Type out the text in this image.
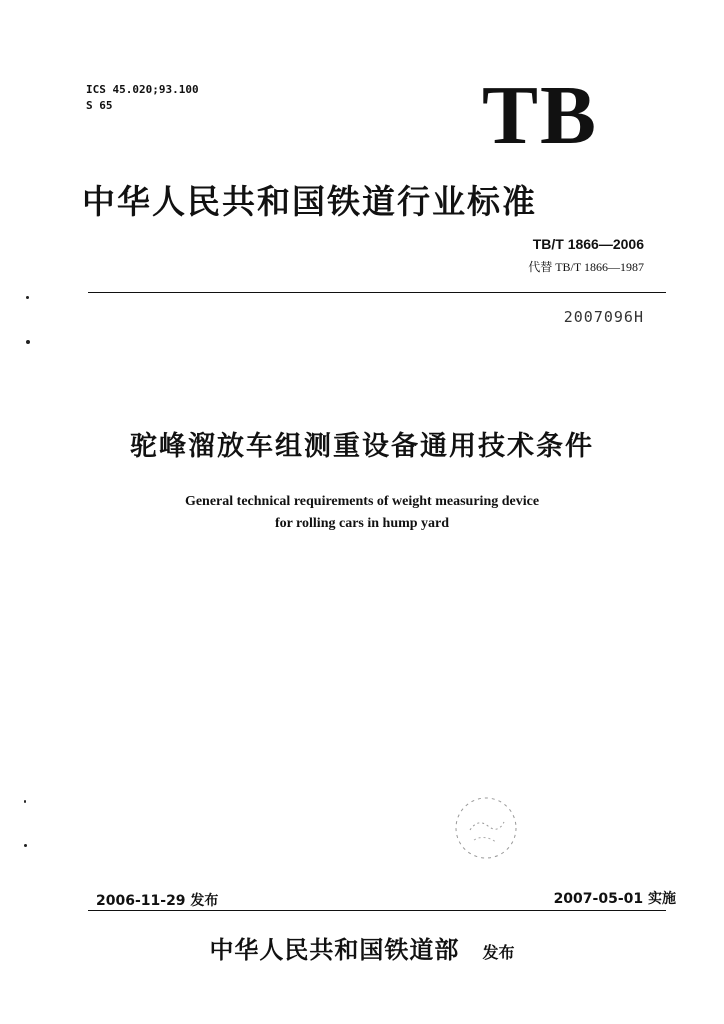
ICS 45.020;93.100
S 65	TB
中华人民共和国铁道行业标准
TB/T 1866—2006
代替 TB/T 1866—1987
2007096H
驼峰溜放车组测重设备通用技术条件
General technical requirements of weight measuring device
for rolling cars in hump yard
2006-11-29 发布	2007-05-01 实施
中华人民共和国铁道部 发布
